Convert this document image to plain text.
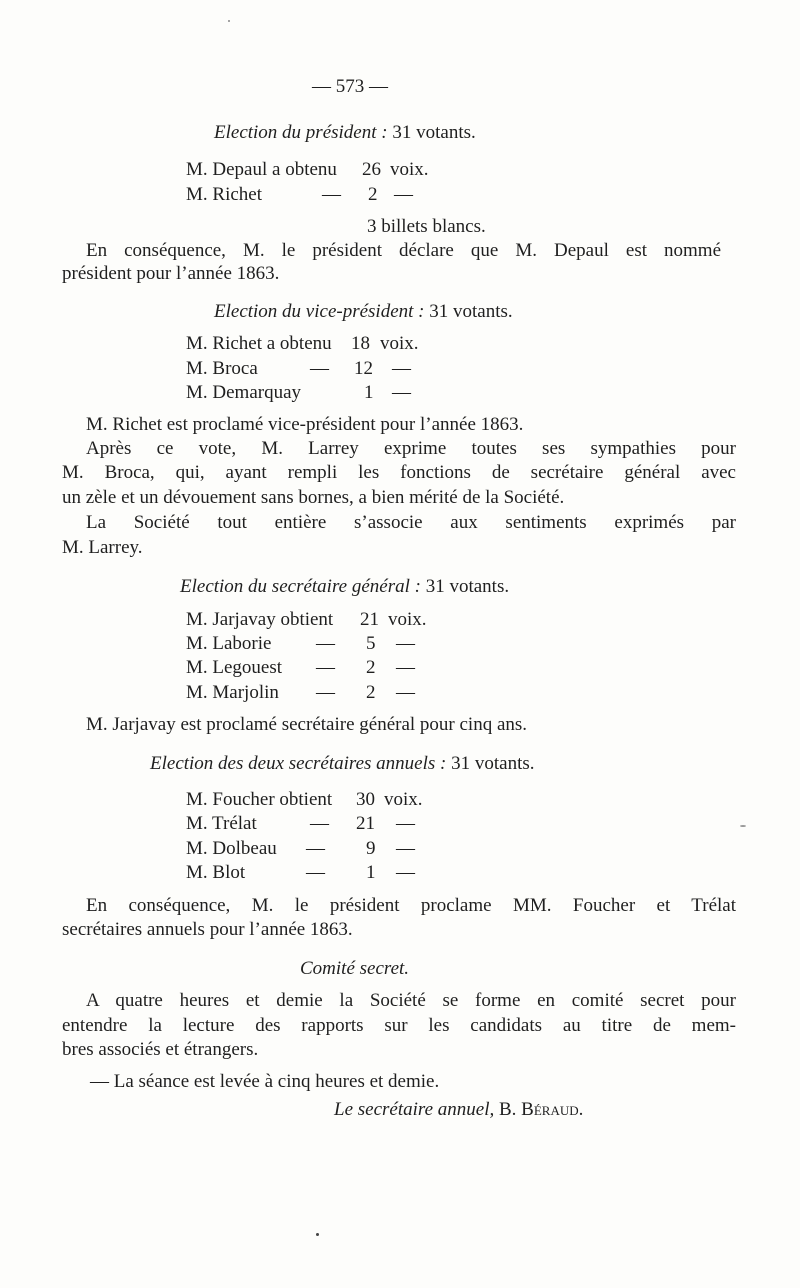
— 573 —
Election du président : 31 votants.
M. Depaul a obtenu 26 voix.
M. Richet	— 2 —
3 billets blancs.
En conséquence, M. le président déclare que M. Depaul est nommé
président pour l’année 1863.
Election du vice-président : 31 votants.
M. Richet a obtenu 18 voix.
M. Broca	— 12 —
M. Demarquay	1 —
M. Richet est proclamé vice-président pour l’année 1863.
Après ce vote, M. Larrey exprime toutes ses sympathies pour
M. Broca, qui, ayant rempli les fonctions de secrétaire général avec
un zèle et un dévouement sans bornes, a bien mérité de la Société.
La Société tout entière s’associe aux sentiments exprimés par
M. Larrey.
Election du secrétaire général : 31 votants.
M. Jarjavay obtient 21 voix.
M. Laborie — 5 —
M. Legouest — 2 —
M. Marjolin — 2 —
M. Jarjavay est proclamé secrétaire général pour cinq ans.
Election des deux secrétaires annuels : 31 votants.
M. Foucher obtient 30 voix.
M. Trélat	— 21 —
M. Dolbeau — 9 —
M. Blot	— 1 —
En conséquence, M. le président proclame MM. Foucher et Trélat
secrétaires annuels pour l’année 1863.
Comité secret.
A quatre heures et demie la Société se forme en comité secret pour
entendre la lecture des rapports sur les candidats au titre de mem-
bres associés et étrangers.
— La séance est levée à cinq heures et demie.
Le secrétaire annuel, B. Béraud.
